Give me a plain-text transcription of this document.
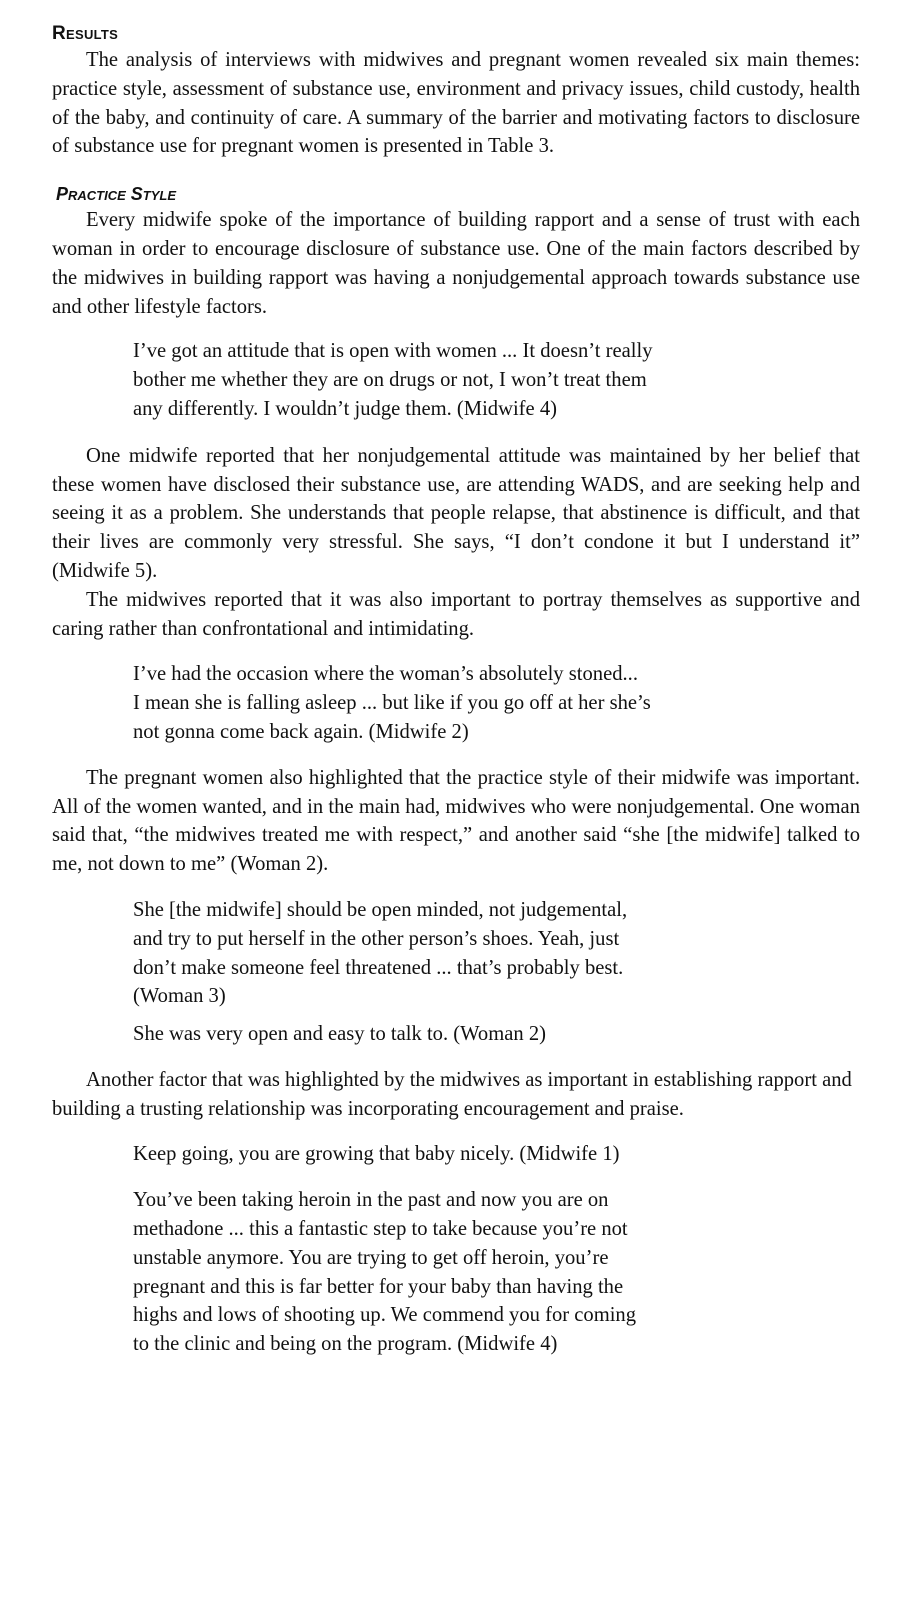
Results

The analysis of interviews with midwives and pregnant women revealed six main themes: practice style, assessment of substance use, environment and privacy issues, child custody, health of the baby, and continuity of care. A summary of the barrier and motivating factors to disclosure of substance use for pregnant women is presented in Table 3.

Practice Style

Every midwife spoke of the importance of building rapport and a sense of trust with each woman in order to encourage disclosure of substance use. One of the main factors described by the midwives in building rapport was having a nonjudgemental approach towards substance use and other lifestyle factors.

I’ve got an attitude that is open with women ... It doesn’t really
bother me whether they are on drugs or not, I won’t treat them
any differently. I wouldn’t judge them. (Midwife 4)

One midwife reported that her nonjudgemental attitude was maintained by her belief that these women have disclosed their substance use, are attending WADS, and are seeking help and seeing it as a problem. She understands that people relapse, that abstinence is difficult, and that their lives are commonly very stressful. She says, “I don’t condone it but I understand it” (Midwife 5).

The midwives reported that it was also important to portray themselves as supportive and caring rather than confrontational and intimidating.

I’ve had the occasion where the woman’s absolutely stoned...
I mean she is falling asleep ... but like if you go off at her she’s
not gonna come back again. (Midwife 2)

The pregnant women also highlighted that the practice style of their midwife was important. All of the women wanted, and in the main had, midwives who were nonjudgemental. One woman said that, “the midwives treated me with respect,” and another said “she [the midwife] talked to me, not down to me” (Woman 2).

She [the midwife] should be open minded, not judgemental,
and try to put herself in the other person’s shoes. Yeah, just
don’t make someone feel threatened ... that’s probably best.
(Woman 3)
She was very open and easy to talk to. (Woman 2)

Another factor that was highlighted by the midwives as important in establishing rapport and building a trusting relationship was incorporating encouragement and praise.

Keep going, you are growing that baby nicely. (Midwife 1)
You’ve been taking heroin in the past and now you are on
methadone ... this a fantastic step to take because you’re not
unstable anymore. You are trying to get off heroin, you’re
pregnant and this is far better for your baby than having the
highs and lows of shooting up. We commend you for coming
to the clinic and being on the program. (Midwife 4)
